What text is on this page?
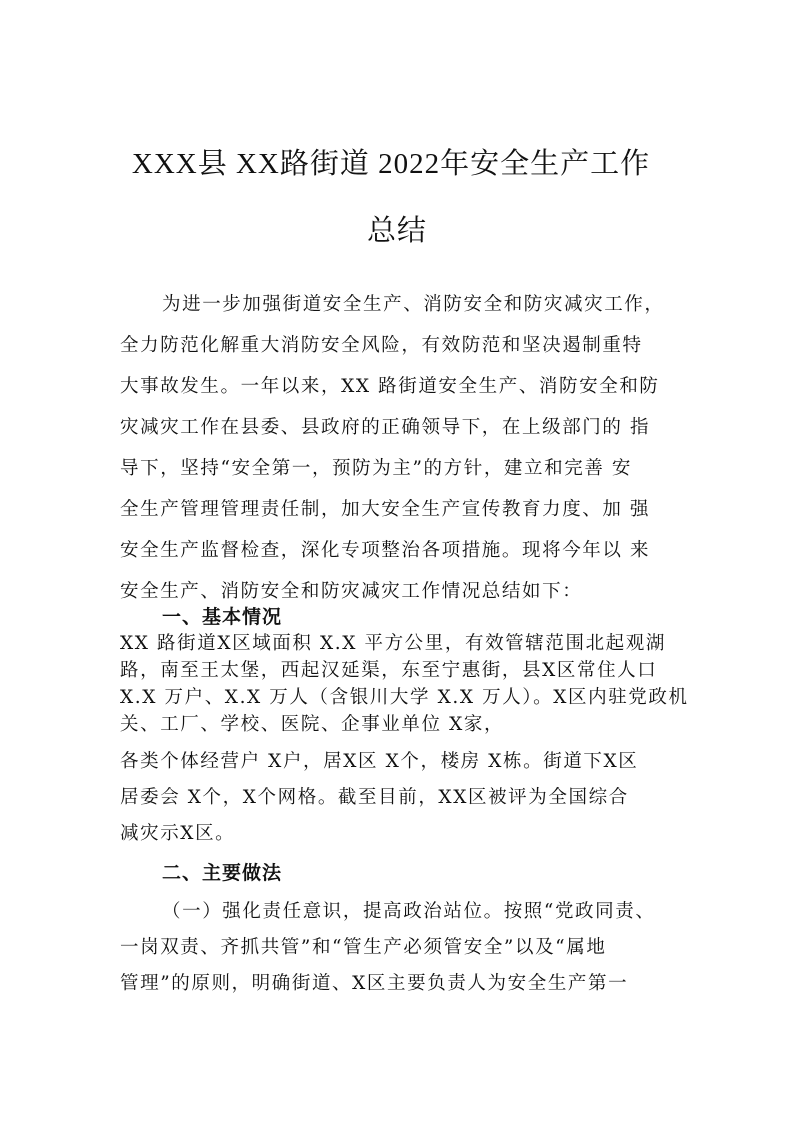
XXX县 XX路街道 2022年安全生产工作
总结
为进一步加强街道安全生产、消防安全和防灾减灾工作，
全力防范化解重大消防安全风险，有效防范和坚决遏制重特
大事故发生。一年以来，XX 路街道安全生产、消防安全和防
灾减灾工作在县委、县政府的正确领导下，在上级部门的 指
导下，坚持“安全第一，预防为主”的方针，建立和完善 安
全生产管理管理责任制，加大安全生产宣传教育力度、加 强
安全生产监督检查，深化专项整治各项措施。现将今年以 来
安全生产、消防安全和防灾减灾工作情况总结如下：
一、基本情况
XX 路街道X区域面积 X.X 平方公里，有效管辖范围北起观湖
路，南至王太堡，西起汉延渠，东至宁惠街，县X区常住人口
X.X 万户、X.X 万人（含银川大学 X.X 万人）。X区内驻党政机
关、工厂、学校、医院、企事业单位 X家，
各类个体经营户 X户，居X区 X个，楼房 X栋。街道下X区
居委会 X个，X个网格。截至目前，XX区被评为全国综合
减灾示X区。
二、主要做法
（一）强化责任意识，提高政治站位。按照“党政同责、
一岗双责、齐抓共管”和“管生产必须管安全”以及“属地
管理”的原则，明确街道、X区主要负责人为安全生产第一
